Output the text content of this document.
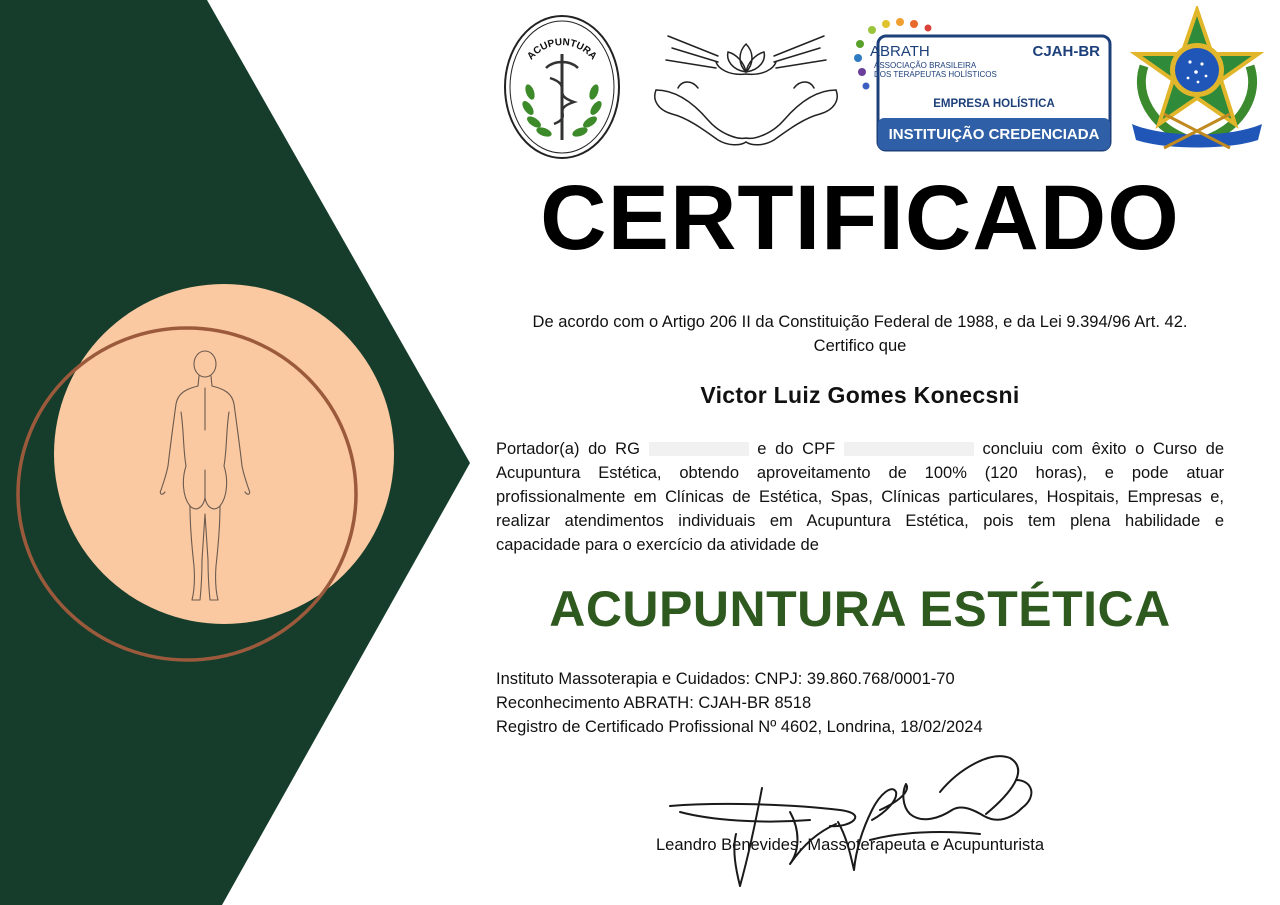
ACUPUNTURA	ABRATH
ASSOCIAÇÃO BRASILEIRA
DOS TERAPEUTAS HOLÍSTICOS
CJAH-BR
EMPRESA HOLÍSTICA
INSTITUIÇÃO CREDENCIADA
CERTIFICADO
De acordo com o Artigo 206 II da Constituição Federal de 1988, e da Lei 9.394/96 Art. 42.
Certifico que
Victor Luiz Gomes Konecsni
Portador(a) do RG	e do CPF	concluiu com êxito o Curso de
Acupuntura Estética, obtendo aproveitamento de 100% (120 horas), e pode atuar
profissionalmente em Clínicas de Estética, Spas, Clínicas particulares, Hospitais, Empresas e,
realizar atendimentos individuais em Acupuntura Estética, pois tem plena habilidade e
capacidade para o exercício da atividade de
ACUPUNTURA ESTÉTICA
Instituto Massoterapia e Cuidados: CNPJ: 39.860.768/0001-70
Reconhecimento ABRATH: CJAH-BR 8518
Registro de Certificado Profissional Nº 4602, Londrina, 18/02/2024
Leandro Benevides: Massoterapeuta e Acupunturista
